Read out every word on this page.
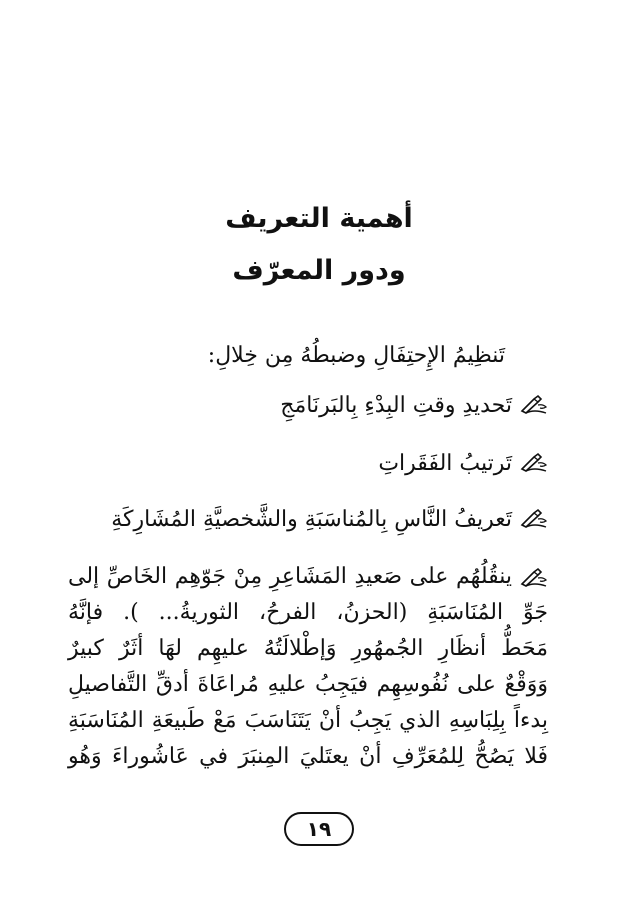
أهمية التعريف
ودور المعرّف
تَنظِيمُ الإِحتِفَالِ وضبطُهُ مِن خِلالِ:
تَحديدِ وقتِ البِدْءِ بِالبَرنَامَجِ
تَرتيبُ الفَقَراتِ
تَعريفُ النَّاسِ بِالمُناسَبَةِ والشَّخصيَّةِ المُشَارِكَةِ
ينقُلُهُم على صَعيدِ المَشَاعِرِ مِنْ جَوّهِم الخَاصِّ إلى
جَوِّ المُنَاسَبَةِ (الحزنُ، الفرحُ، الثوريةُ... ). فإنَّهُ
مَحَطُّ أنظَارِ الجُمهُورِ وَإطْلالَتُهُ عليهِم لهَا أثَرٌ كبيرٌ
وَوَقْعٌ على نُفُوسِهِم فيَجِبُ عليهِ مُراعَاةَ أدقِّ التَّفاصيلِ
بِدءاً بِلِبَاسِهِ الذي يَجِبُ أنْ يَتَنَاسَبَ مَعْ طَبيعَةِ المُنَاسَبَةِ
فَلا يَصُحُّ لِلمُعَرِّفِ أنْ يعتَليَ المِنبَرَ في عَاشُوراءَ وَهُو
١٩
